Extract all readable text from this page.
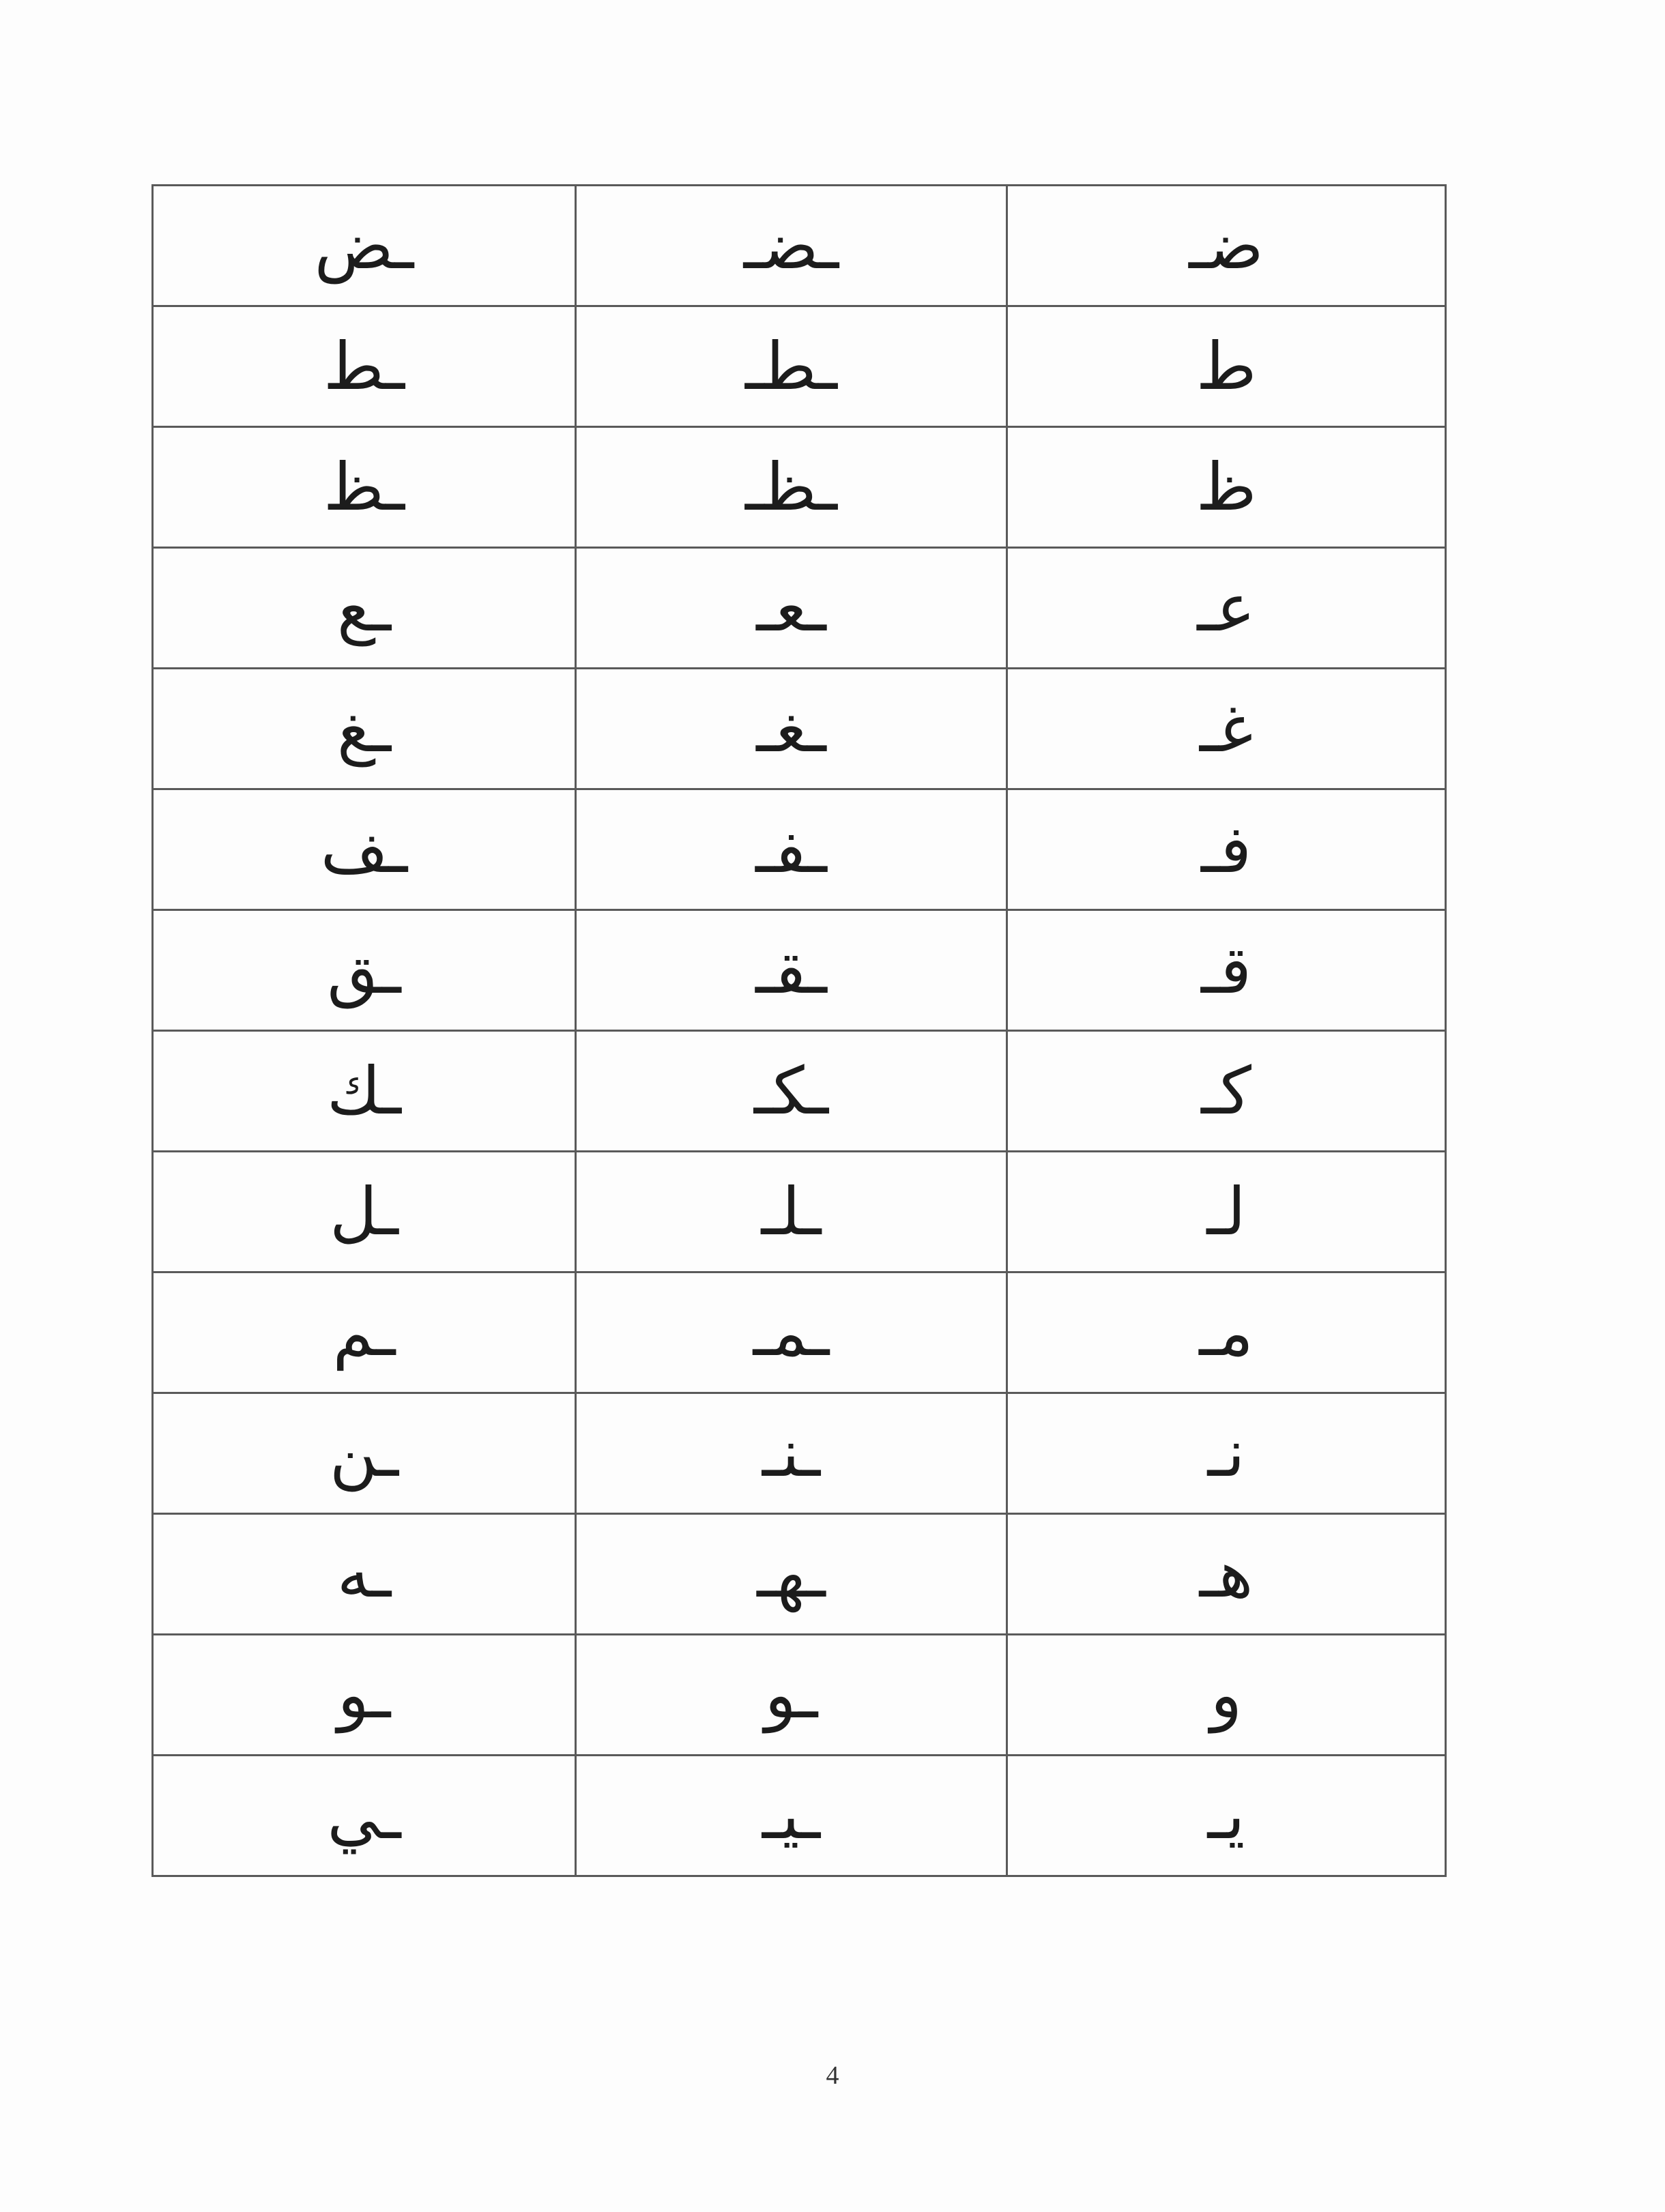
ـض	ـضـ	ضـ
ـط	ـطـ	ط
ـظ	ـظـ	ظ
ـع	ـعـ	عـ
ـغ	ـغـ	غـ
ـف	ـفـ	فـ
ـق	ـقـ	قـ
ـك	ـكـ	كـ
ـل	ـلـ	لـ
ـم	ـمـ	مـ
ـن	ـنـ	نـ
ـه	ـهـ	هـ
ـو	ـو	و
ـي	ـيـ	يـ
4
